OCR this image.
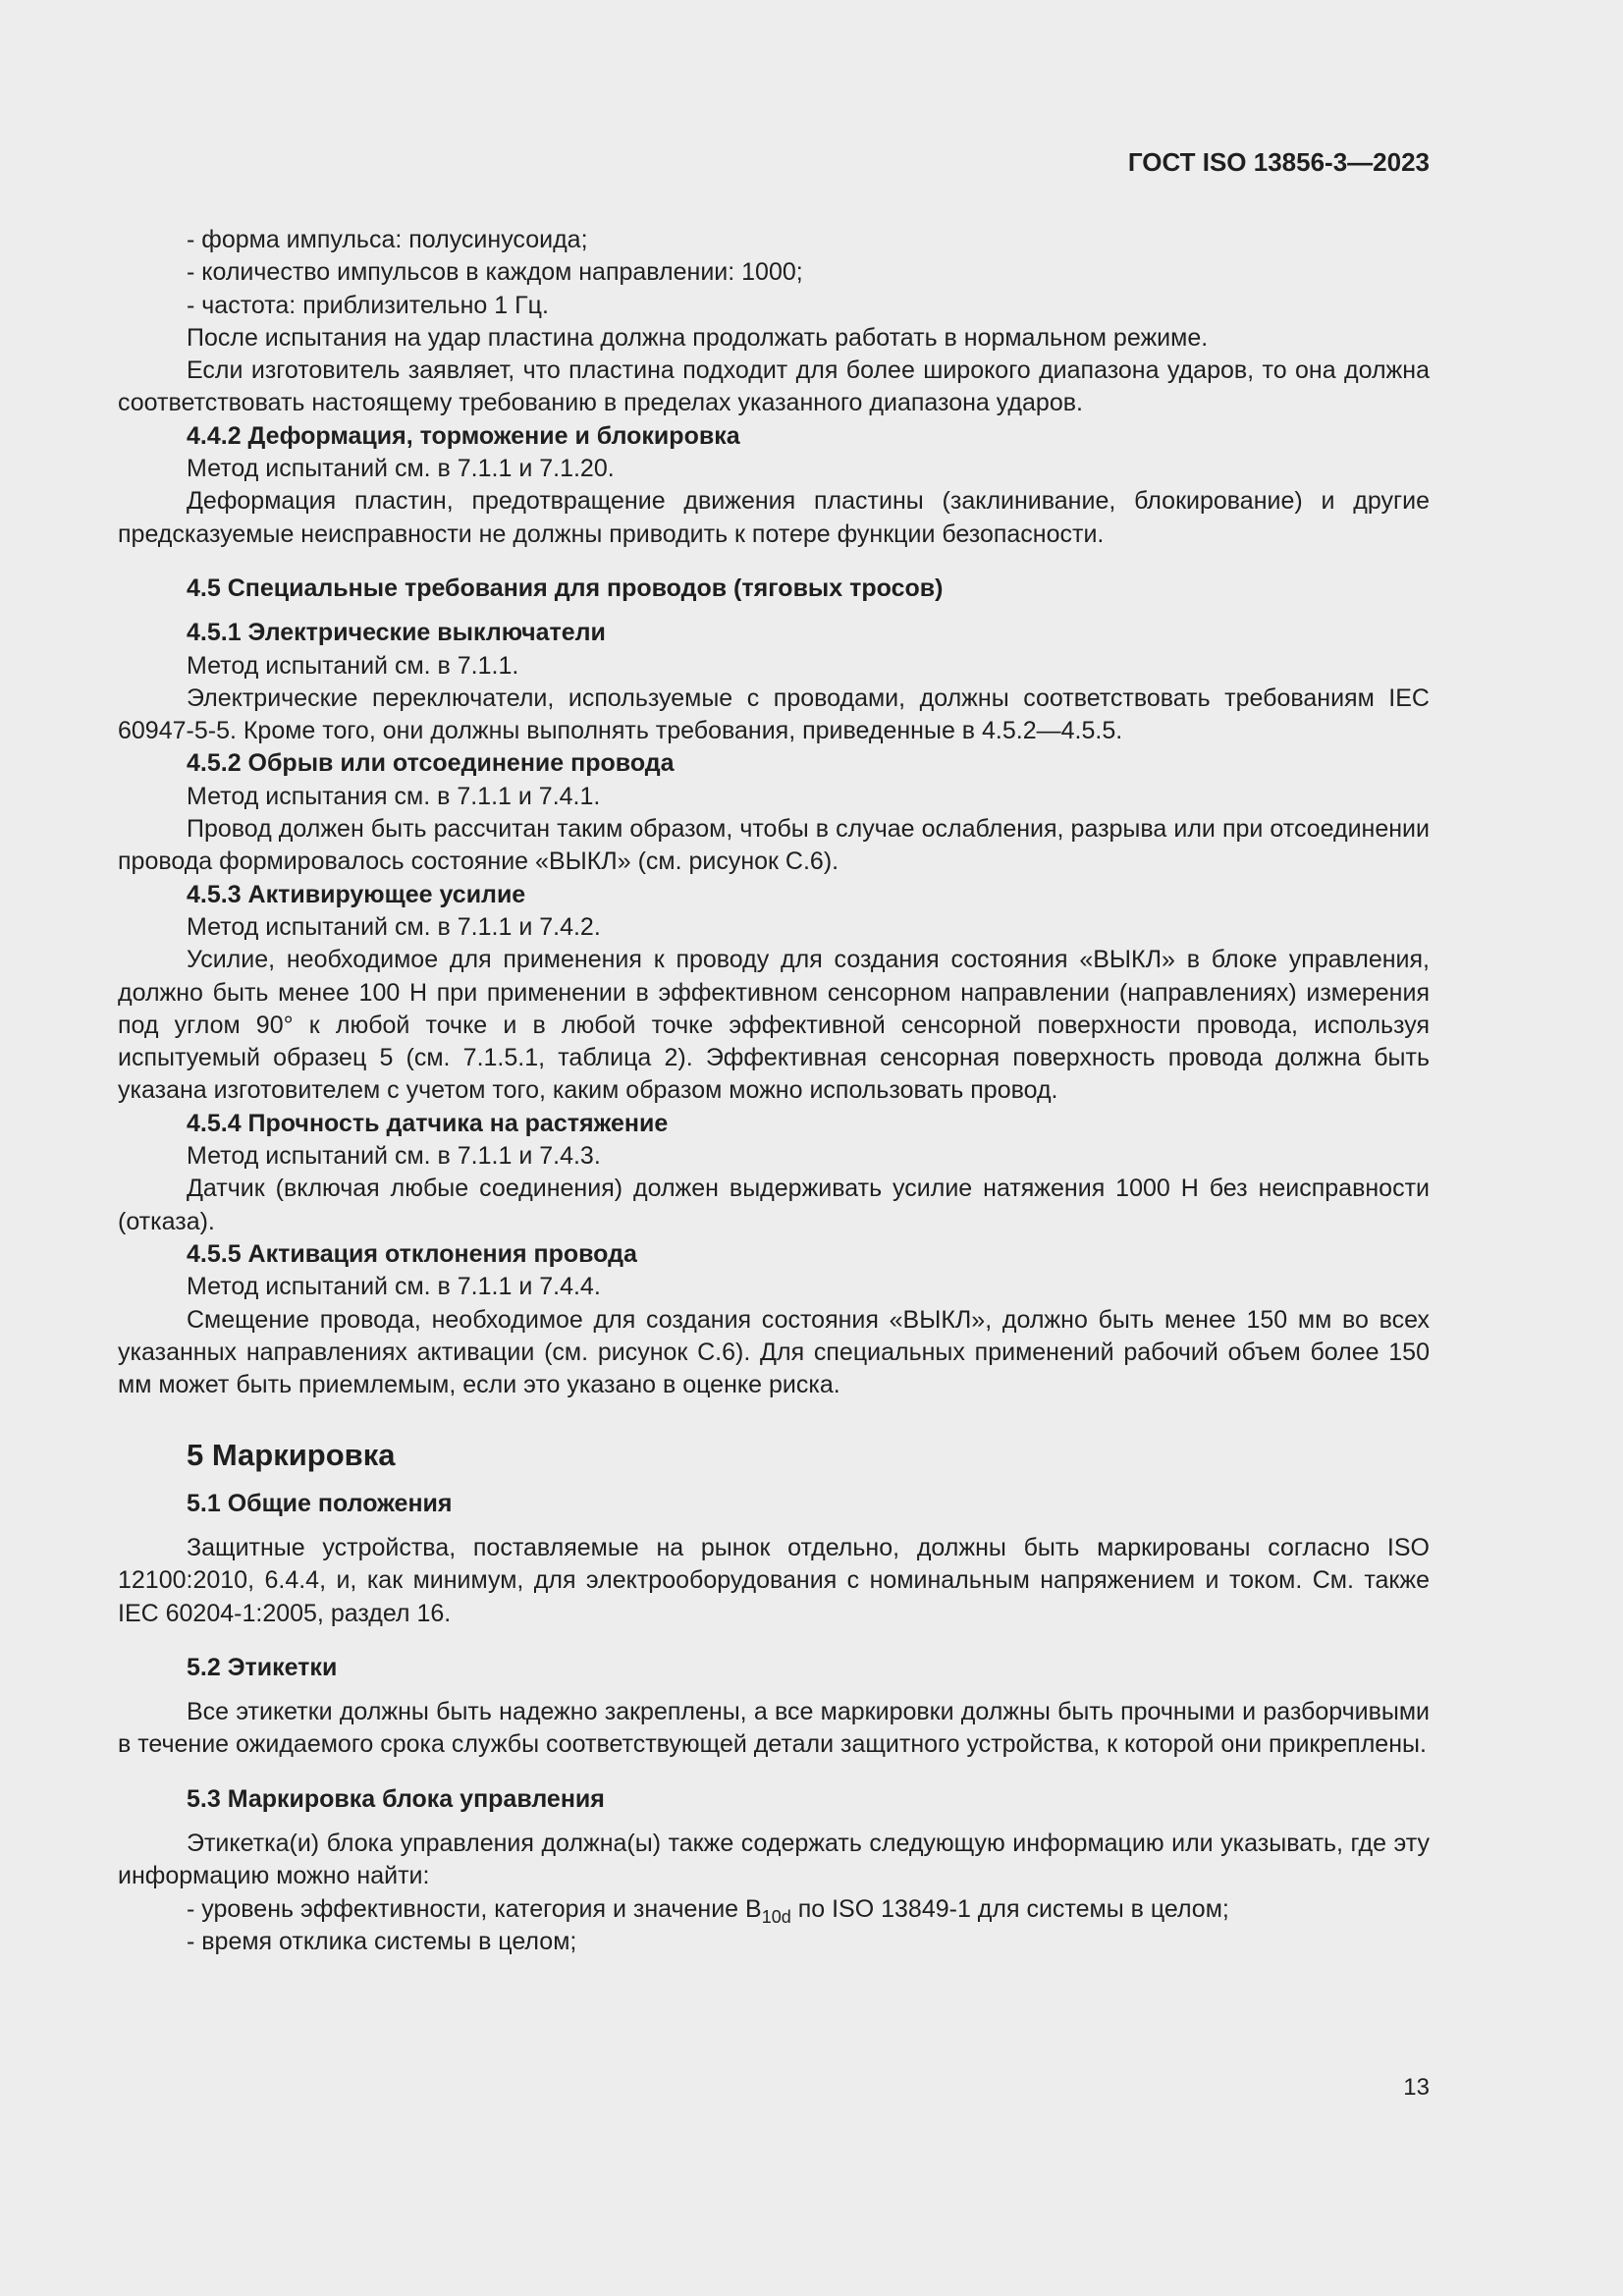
ГОСТ ISO 13856-3—2023

- форма импульса: полусинусоида;

- количество импульсов в каждом направлении: 1000;

- частота: приблизительно 1 Гц.

После испытания на удар пластина должна продолжать работать в нормальном режиме.

Если изготовитель заявляет, что пластина подходит для более широкого диапазона ударов, то она должна соответствовать настоящему требованию в пределах указанного диапазона ударов.

4.4.2 Деформация, торможение и блокировка

Метод испытаний см. в 7.1.1 и 7.1.20.

Деформация пластин, предотвращение движения пластины (заклинивание, блокирование) и другие предсказуемые неисправности не должны приводить к потере функции безопасности.

4.5 Специальные требования для проводов (тяговых тросов)

4.5.1 Электрические выключатели

Метод испытаний см. в 7.1.1.

Электрические переключатели, используемые с проводами, должны соответствовать требованиям IEC 60947-5-5. Кроме того, они должны выполнять требования, приведенные в 4.5.2—4.5.5.

4.5.2 Обрыв или отсоединение провода

Метод испытания см. в 7.1.1 и 7.4.1.

Провод должен быть рассчитан таким образом, чтобы в случае ослабления, разрыва или при отсоединении провода формировалось состояние «ВЫКЛ» (см. рисунок С.6).

4.5.3 Активирующее усилие

Метод испытаний см. в 7.1.1 и 7.4.2.

Усилие, необходимое для применения к проводу для создания состояния «ВЫКЛ» в блоке управления, должно быть менее 100 Н при применении в эффективном сенсорном направлении (направлениях) измерения под углом 90° к любой точке и в любой точке эффективной сенсорной поверхности провода, используя испытуемый образец 5 (см. 7.1.5.1, таблица 2). Эффективная сенсорная поверхность провода должна быть указана изготовителем с учетом того, каким образом можно использовать провод.

4.5.4 Прочность датчика на растяжение

Метод испытаний см. в 7.1.1 и 7.4.3.

Датчик (включая любые соединения) должен выдерживать усилие натяжения 1000 Н без неисправности (отказа).

4.5.5 Активация отклонения провода

Метод испытаний см. в 7.1.1 и 7.4.4.

Смещение провода, необходимое для создания состояния «ВЫКЛ», должно быть менее 150 мм во всех указанных направлениях активации (см. рисунок С.6). Для специальных применений рабочий объем более 150 мм может быть приемлемым, если это указано в оценке риска.

5 Маркировка

5.1 Общие положения

Защитные устройства, поставляемые на рынок отдельно, должны быть маркированы согласно ISO 12100:2010, 6.4.4, и, как минимум, для электрооборудования с номинальным напряжением и током. См. также IEC 60204-1:2005, раздел 16.

5.2 Этикетки

Все этикетки должны быть надежно закреплены, а все маркировки должны быть прочными и разборчивыми в течение ожидаемого срока службы соответствующей детали защитного устройства, к которой они прикреплены.

5.3 Маркировка блока управления

Этикетка(и) блока управления должна(ы) также содержать следующую информацию или указывать, где эту информацию можно найти:

- уровень эффективности, категория и значение $B_{10d}$ по ISO 13849-1 для системы в целом;

- время отклика системы в целом;

13
